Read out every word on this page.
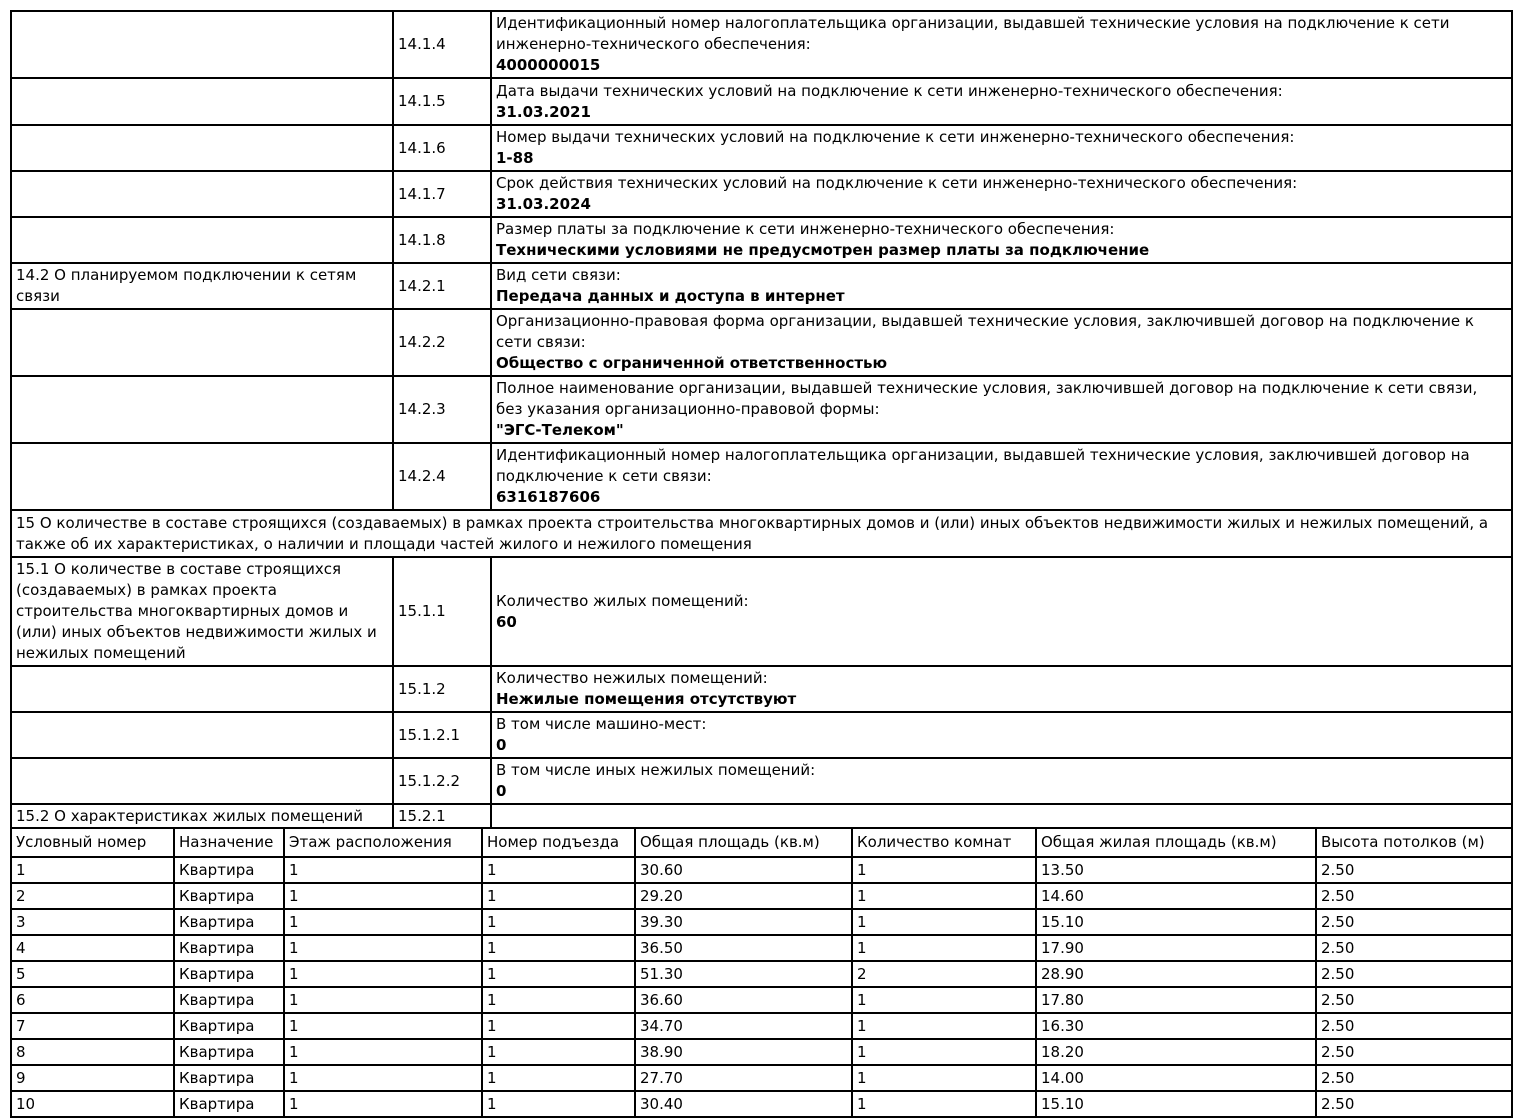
	14.1.4	Идентификационный номер налогоплательщика организации, выдавшей технические условия на подключение к сети инженерно-технического обеспечения:
4000000015

	14.1.5	Дата выдачи технических условий на подключение к сети инженерно-технического обеспечения:
31.03.2021

	14.1.6	Номер выдачи технических условий на подключение к сети инженерно-технического обеспечения:
1-88

	14.1.7	Срок действия технических условий на подключение к сети инженерно-технического обеспечения:
31.03.2024

	14.1.8	Размер платы за подключение к сети инженерно-технического обеспечения:
Техническими условиями не предусмотрен размер платы за подключение

14.2 О планируемом подключении к сетям связи	14.2.1	Вид сети связи:
Передача данных и доступа в интернет

	14.2.2	Организационно-правовая форма организации, выдавшей технические условия, заключившей договор на подключение к сети связи:
Общество с ограниченной ответственностью

	14.2.3	Полное наименование организации, выдавшей технические условия, заключившей договор на подключение к сети связи, без указания организационно-правовой формы:
"ЭГС-Телеком"

	14.2.4	Идентификационный номер налогоплательщика организации, выдавшей технические условия, заключившей договор на подключение к сети связи:
6316187606

15 О количестве в составе строящихся (создаваемых) в рамках проекта строительства многоквартирных домов и (или) иных объектов недвижимости жилых и нежилых помещений, а также об их характеристиках, о наличии и площади частей жилого и нежилого помещения		
15.1 О количестве в составе строящихся (создаваемых) в рамках проекта строительства многоквартирных домов и (или) иных объектов недвижимости жилых и нежилых помещений	15.1.1	Количество жилых помещений:
60

	15.1.2	Количество нежилых помещений:
Нежилые помещения отсутствуют

	15.1.2.1	В том числе машино-мест:
0

	15.1.2.2	В том числе иных нежилых помещений:
0

15.2 О характеристиках жилых помещений	15.2.1	
Условный номер	Назначение	Этаж расположения	Номер подъезда	Общая площадь (кв.м)	Количество комнат	Общая жилая площадь (кв.м)	Высота потолков (м)
1	Квартира	1	1	30.60	1	13.50	2.50
2	Квартира	1	1	29.20	1	14.60	2.50
3	Квартира	1	1	39.30	1	15.10	2.50
4	Квартира	1	1	36.50	1	17.90	2.50
5	Квартира	1	1	51.30	2	28.90	2.50
6	Квартира	1	1	36.60	1	17.80	2.50
7	Квартира	1	1	34.70	1	16.30	2.50
8	Квартира	1	1	38.90	1	18.20	2.50
9	Квартира	1	1	27.70	1	14.00	2.50
10	Квартира	1	1	30.40	1	15.10	2.50
